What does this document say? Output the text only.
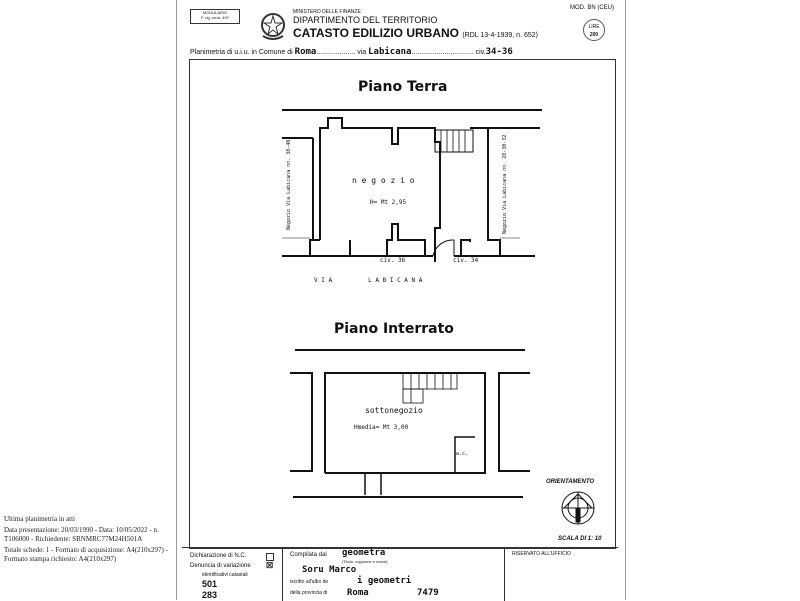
MODULARIO
F. rig. rend. 497
MINISTERO DELLE FINANZE
DIPARTIMENTO DEL TERRITORIO
CATASTO EDILIZIO URBANO (RDL 13-4-1939, n. 652)
MOD. BN (CEU)
LIRE
200
Planimetria di u.i.u. in Comune di Roma.................... via Labicana................................ civ.34-36
Piano Terra
n e g o z i o
H= Mt 2,95
Negozio Via Labicana nn. 38-40	Negozio Via Labicana nn. 28-30-32
civ. 36	civ. 34
V I A          L A B I C A N A
Piano Interrato
sottonegozio
Hmedia= Mt 3,00
w.c.
ORIENTAMENTO
SCALA DI 1: 10
Dichiarazione di N.C.
Denuncia di variazione ☒
identificativi catastali
501
283
Compilata dal geometra
(Titolo, cognome e nome)
Soru Marco
iscritto all'albo de	i geometri
della provincia di Roma	7479
RISERVATO ALL'UFFICIO
Ultima planimetria in atti
Data presentazione: 20/03/1990 - Data: 10/05/2022 - n. T106000 - Richiedente: SRNMRC77M24H501A
Totale schede: 1 - Formato di acquisizione: A4(210x297) - Formato stampa richiesto: A4(210x297)
